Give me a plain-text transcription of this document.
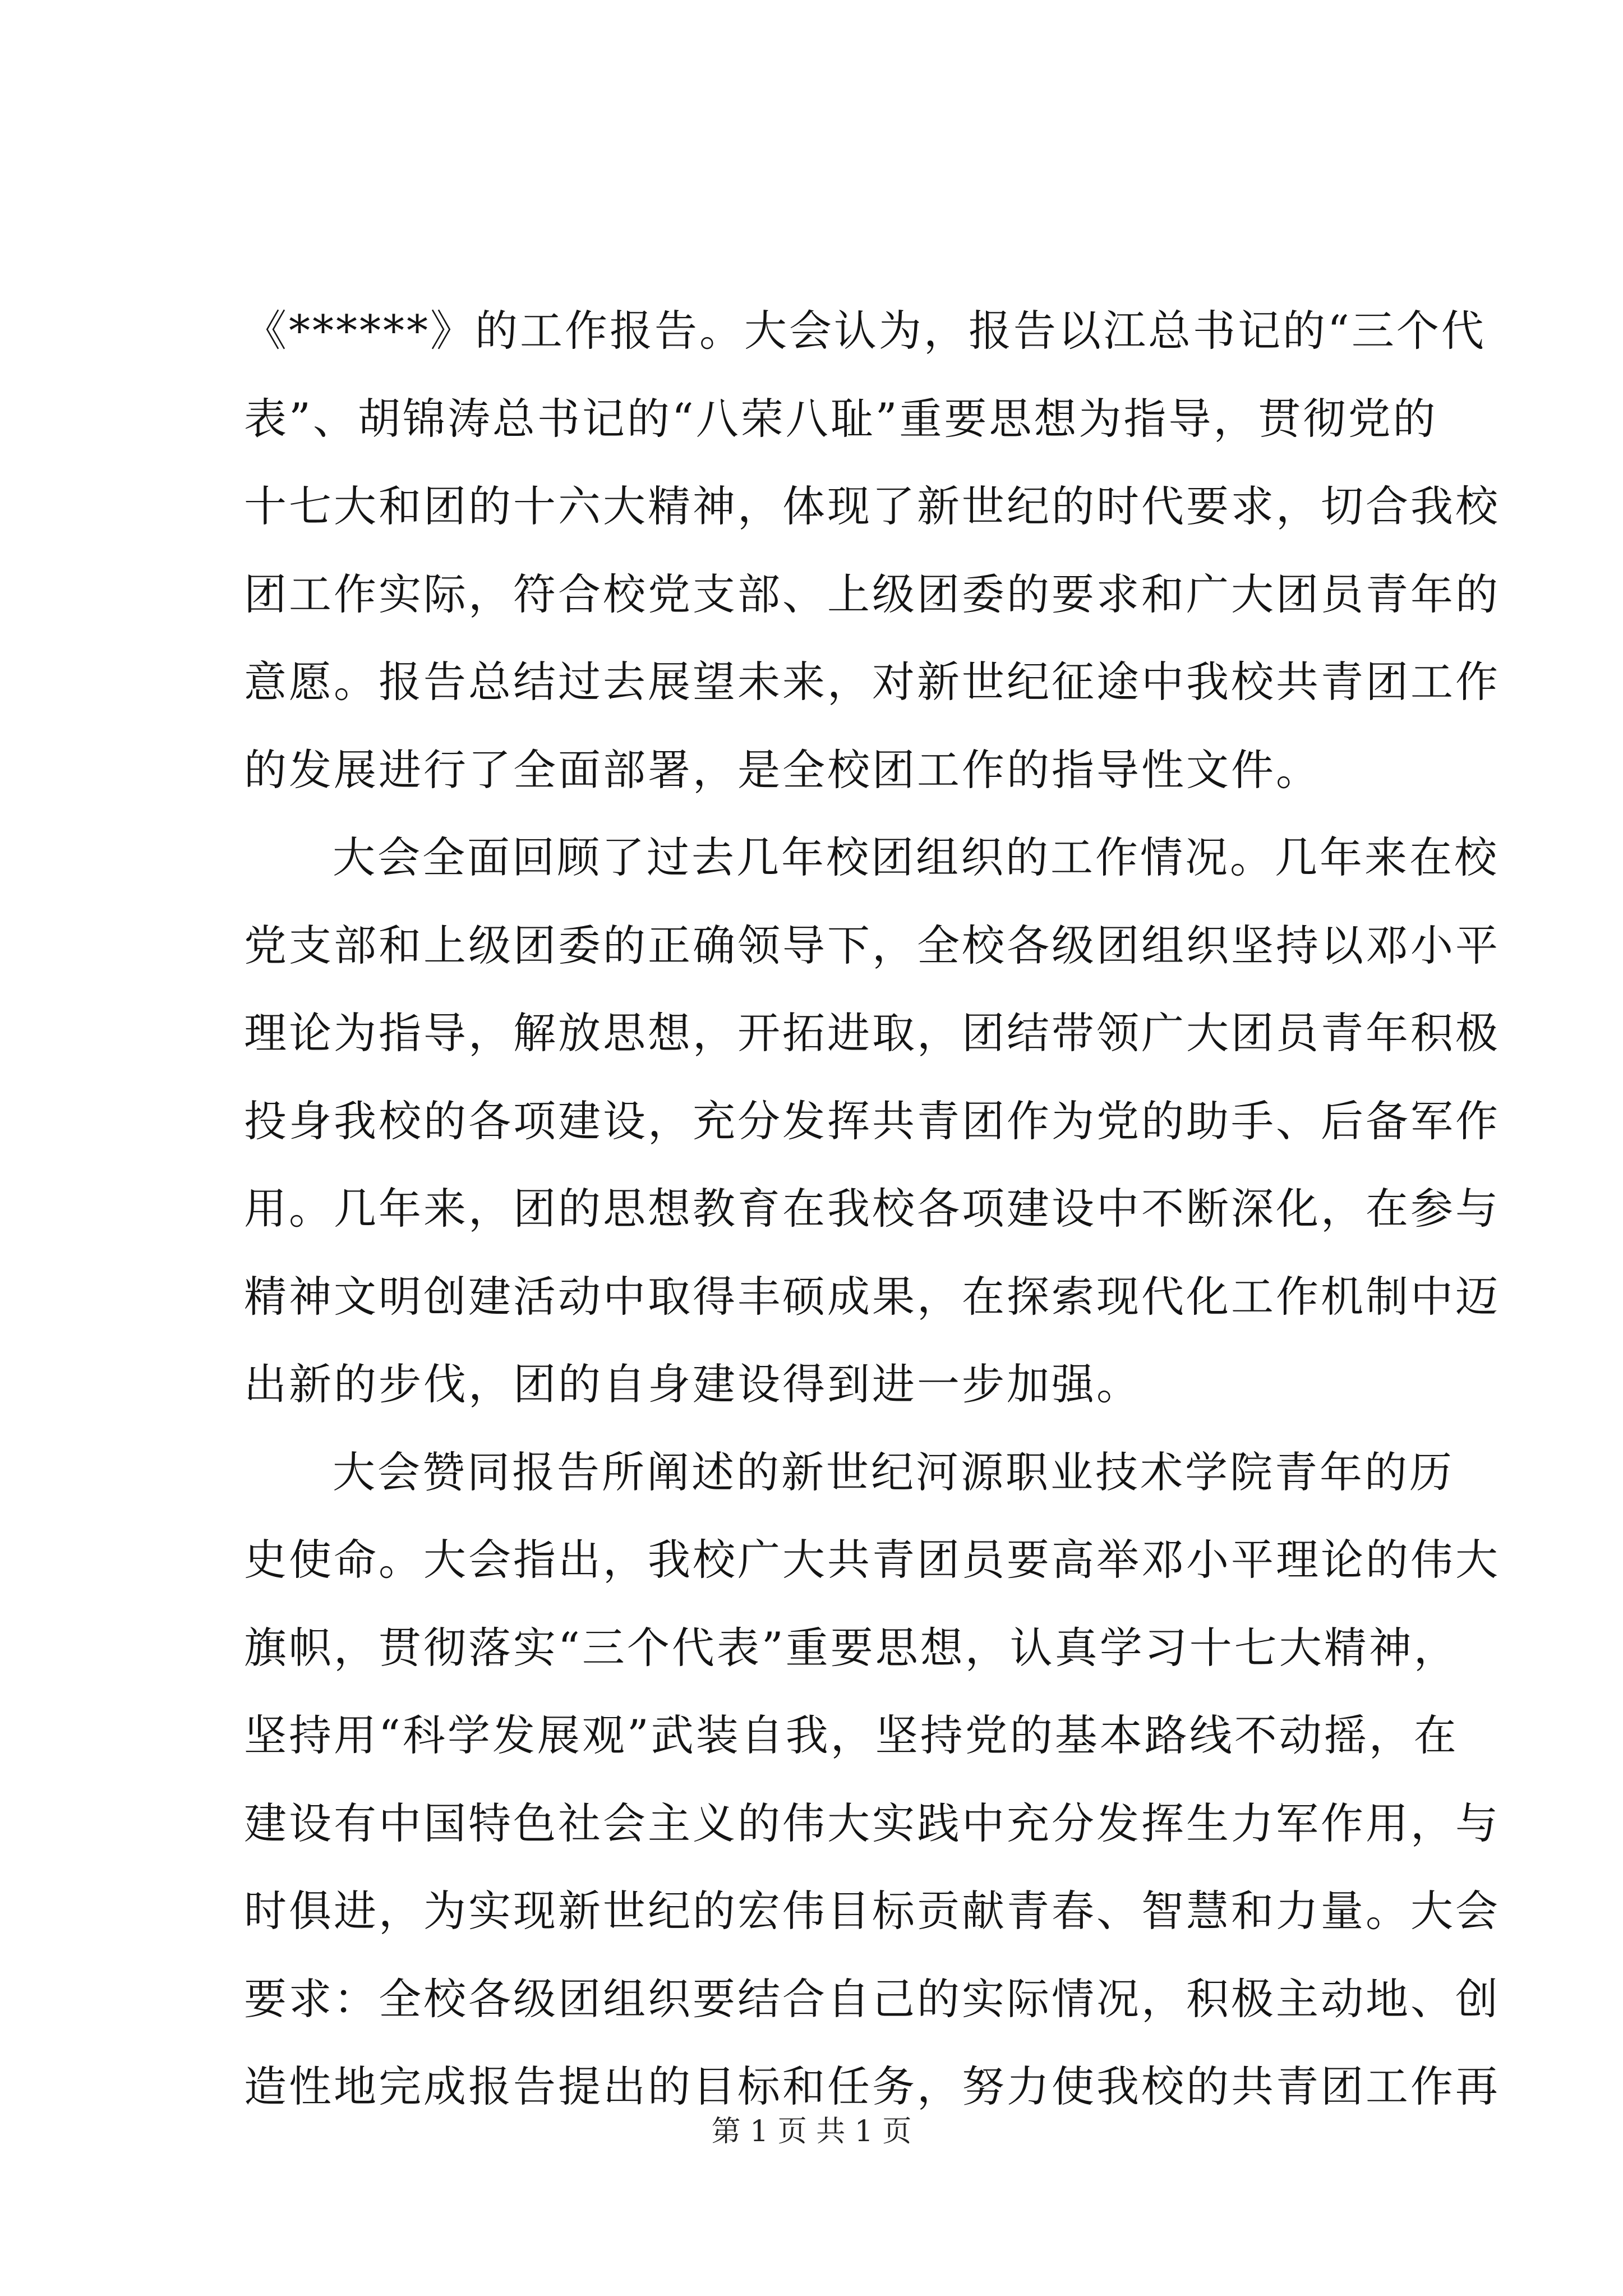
《******》的工作报告。大会认为，报告以江总书记的“三个代
表”、胡锦涛总书记的“八荣八耻”重要思想为指导，贯彻党的
十七大和团的十六大精神，体现了新世纪的时代要求，切合我校
团工作实际，符合校党支部、上级团委的要求和广大团员青年的
意愿。报告总结过去展望未来，对新世纪征途中我校共青团工作
的发展进行了全面部署，是全校团工作的指导性文件。
大会全面回顾了过去几年校团组织的工作情况。几年来在校
党支部和上级团委的正确领导下，全校各级团组织坚持以邓小平
理论为指导，解放思想，开拓进取，团结带领广大团员青年积极
投身我校的各项建设，充分发挥共青团作为党的助手、后备军作
用。几年来，团的思想教育在我校各项建设中不断深化，在参与
精神文明创建活动中取得丰硕成果，在探索现代化工作机制中迈
出新的步伐，团的自身建设得到进一步加强。
大会赞同报告所阐述的新世纪河源职业技术学院青年的历
史使命。大会指出，我校广大共青团员要高举邓小平理论的伟大
旗帜，贯彻落实“三个代表”重要思想，认真学习十七大精神，
坚持用“科学发展观”武装自我，坚持党的基本路线不动摇，在
建设有中国特色社会主义的伟大实践中充分发挥生力军作用，与
时俱进，为实现新世纪的宏伟目标贡献青春、智慧和力量。大会
要求：全校各级团组织要结合自己的实际情况，积极主动地、创
造性地完成报告提出的目标和任务，努力使我校的共青团工作再
第 1 页 共 1 页
